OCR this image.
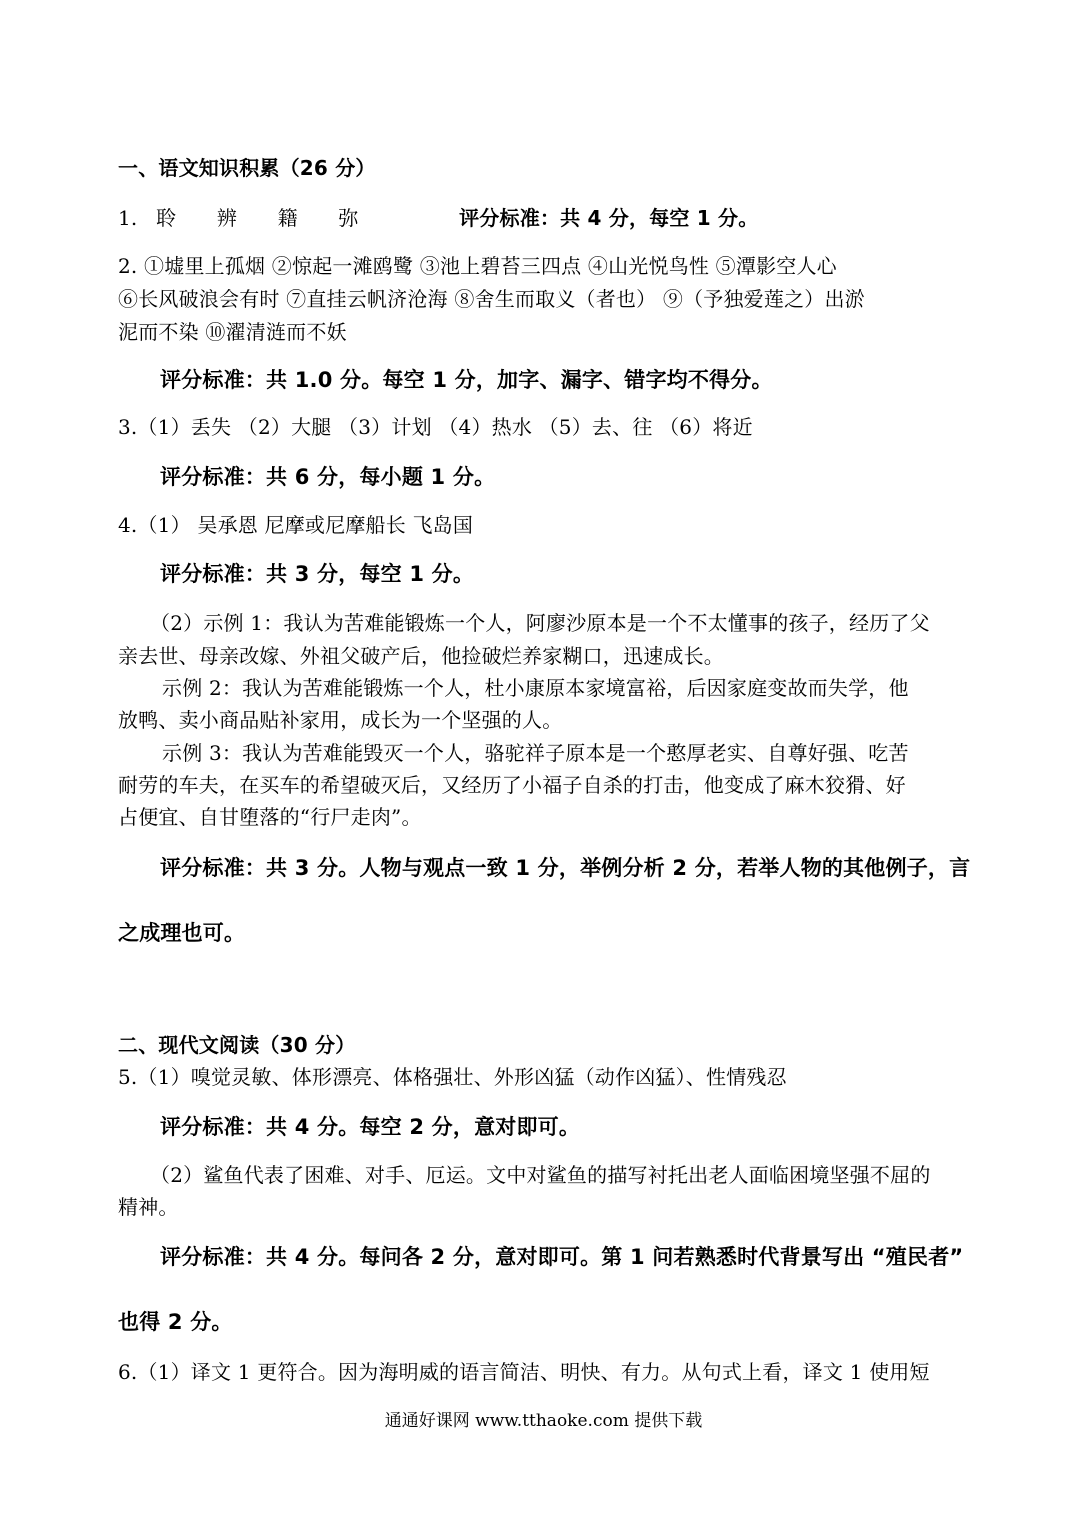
一、语文知识积累（26 分）
1. 聆 辨 籍 弥	评分标准：共 4 分，每空 1 分。
2. ①墟里上孤烟 ②惊起一滩鸥鹭 ③池上碧苔三四点 ④山光悦鸟性 ⑤潭影空人心
⑥长风破浪会有时 ⑦直挂云帆济沧海 ⑧舍生而取义（者也） ⑨（予独爱莲之）出淤
泥而不染 ⑩濯清涟而不妖
评分标准：共 1.0 分。每空 1 分，加字、漏字、错字均不得分。
3.（1）丢失 （2）大腿 （3）计划 （4）热水 （5）去、往 （6）将近
评分标准：共 6 分，每小题 1 分。
4.（1） 吴承恩 尼摩或尼摩船长 飞岛国
评分标准：共 3 分，每空 1 分。
（2）示例 1：我认为苦难能锻炼一个人，阿廖沙原本是一个不太懂事的孩子，经历了父
亲去世、母亲改嫁、外祖父破产后，他捡破烂养家糊口，迅速成长。
示例 2：我认为苦难能锻炼一个人，杜小康原本家境富裕，后因家庭变故而失学，他
放鸭、卖小商品贴补家用，成长为一个坚强的人。
示例 3：我认为苦难能毁灭一个人，骆驼祥子原本是一个憨厚老实、自尊好强、吃苦
耐劳的车夫，在买车的希望破灭后，又经历了小福子自杀的打击，他变成了麻木狡猾、好
占便宜、自甘堕落的“行尸走肉”。
评分标准：共 3 分。人物与观点一致 1 分，举例分析 2 分，若举人物的其他例子，言
之成理也可。
二、现代文阅读（30 分）
5.（1）嗅觉灵敏、体形漂亮、体格强壮、外形凶猛（动作凶猛）、性情残忍
评分标准：共 4 分。每空 2 分，意对即可。
（2）鲨鱼代表了困难、对手、厄运。文中对鲨鱼的描写衬托出老人面临困境坚强不屈的
精神。
评分标准：共 4 分。每问各 2 分，意对即可。第 1 问若熟悉时代背景写出 “殖民者”
也得 2 分。
6.（1）译文 1 更符合。因为海明威的语言简洁、明快、有力。从句式上看，译文 1 使用短
通通好课网 www.tthaoke.com 提供下载
